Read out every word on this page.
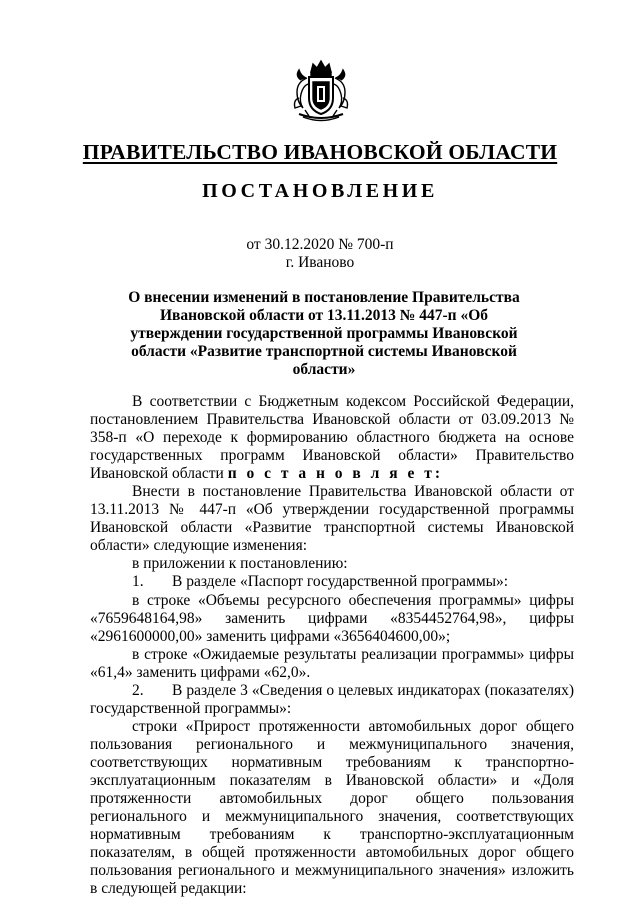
ПРАВИТЕЛЬСТВО ИВАНОВСКОЙ ОБЛАСТИ
ПОСТАНОВЛЕНИЕ
от 30.12.2020 № 700-п
г. Иваново
О внесении изменений в постановление Правительства Ивановской области от 13.11.2013 № 447-п «Об утверждении государственной программы Ивановской области «Развитие транспортной системы Ивановской области»

В соответствии с Бюджетным кодексом Российской Федерации, постановлением Правительства Ивановской области от 03.09.2013 № 358-п «О переходе к формированию областного бюджета на основе государственных программ Ивановской области» Правительство Ивановской области п о с т а н о в л я е т:

Внести в постановление Правительства Ивановской области от 13.11.2013 № 447-п «Об утверждении государственной программы Ивановской области «Развитие транспортной системы Ивановской области» следующие изменения:

в приложении к постановлению:

1. В разделе «Паспорт государственной программы»:

в строке «Объемы ресурсного обеспечения программы» цифры «7659648164,98» заменить цифрами «8354452764,98», цифры «2961600000,00» заменить цифрами «3656404600,00»;

в строке «Ожидаемые результаты реализации программы» цифры «61,4» заменить цифрами «62,0».

2. В разделе 3 «Сведения о целевых индикаторах (показателях) государственной программы»:

строки «Прирост протяженности автомобильных дорог общего пользования регионального и межмуниципального значения, соответствующих нормативным требованиям к транспортно-эксплуатационным показателям в Ивановской области» и «Доля протяженности автомобильных дорог общего пользования регионального и межмуниципального значения, соответствующих нормативным требованиям к транспортно-эксплуатационным показателям, в общей протяженности автомобильных дорог общего пользования регионального и межмуниципального значения» изложить в следующей редакции:
